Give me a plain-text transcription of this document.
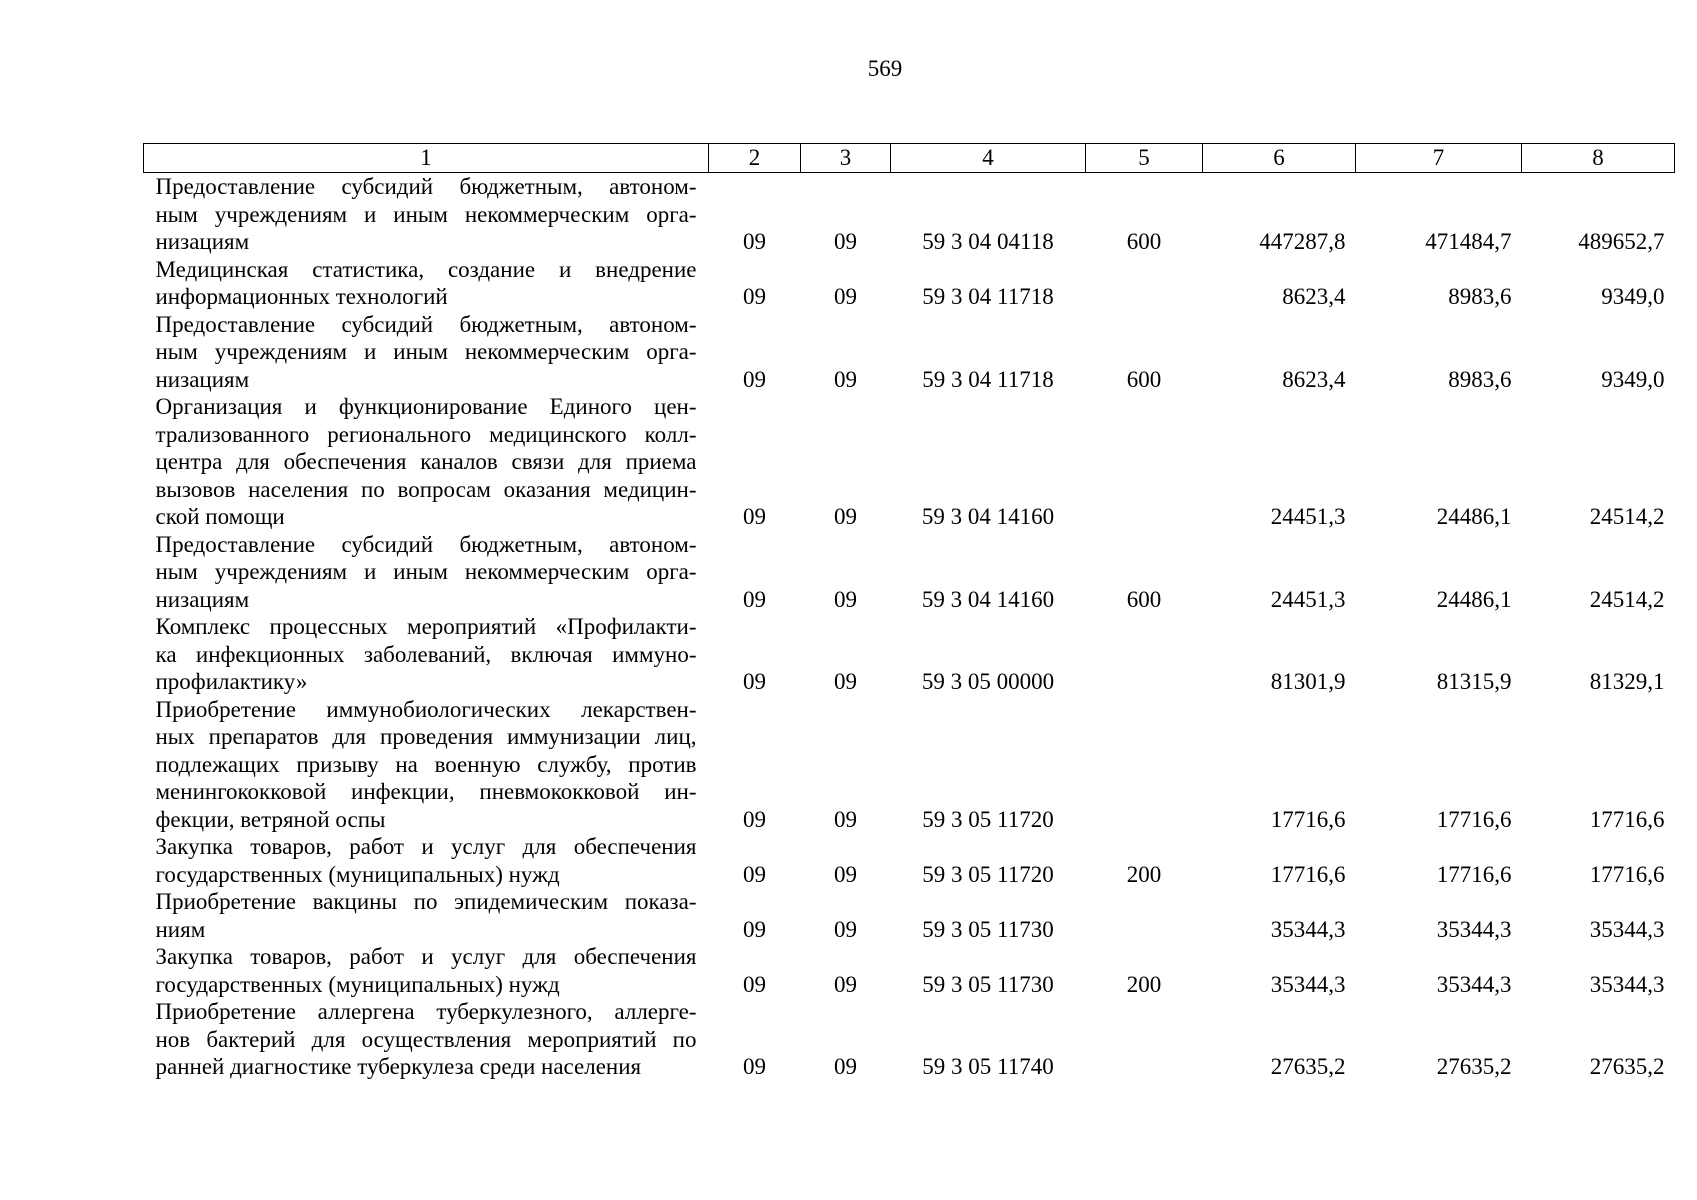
569
1	2	3	4	5	6	7	8

Предоставление субсидий бюджетным, автоном-
ным учреждениям и иным некоммерческим орга-
низациям	09	09	59 3 04 04118	600	447287,8	471484,7	489652,7

Медицинская статистика, создание и внедрение
информационных технологий	09	09	59 3 04 11718		8623,4	8983,6	9349,0

Предоставление субсидий бюджетным, автоном-
ным учреждениям и иным некоммерческим орга-
низациям	09	09	59 3 04 11718	600	8623,4	8983,6	9349,0

Организация и функционирование Единого цен-
трализованного регионального медицинского колл-
центра для обеспечения каналов связи для приема
вызовов населения по вопросам оказания медицин-
ской помощи	09	09	59 3 04 14160		24451,3	24486,1	24514,2

Предоставление субсидий бюджетным, автоном-
ным учреждениям и иным некоммерческим орга-
низациям	09	09	59 3 04 14160	600	24451,3	24486,1	24514,2

Комплекс процессных мероприятий «Профилакти-
ка инфекционных заболеваний, включая иммуно-
профилактику»	09	09	59 3 05 00000		81301,9	81315,9	81329,1

Приобретение иммунобиологических лекарствен-
ных препаратов для проведения иммунизации лиц,
подлежащих призыву на военную службу, против
менингококковой инфекции, пневмококковой ин-
фекции, ветряной оспы	09	09	59 3 05 11720		17716,6	17716,6	17716,6

Закупка товаров, работ и услуг для обеспечения
государственных (муниципальных) нужд	09	09	59 3 05 11720	200	17716,6	17716,6	17716,6

Приобретение вакцины по эпидемическим показа-
ниям	09	09	59 3 05 11730		35344,3	35344,3	35344,3

Закупка товаров, работ и услуг для обеспечения
государственных (муниципальных) нужд	09	09	59 3 05 11730	200	35344,3	35344,3	35344,3

Приобретение аллергена туберкулезного, аллерге-
нов бактерий для осуществления мероприятий по
ранней диагностике туберкулеза среди населения	09	09	59 3 05 11740		27635,2	27635,2	27635,2
